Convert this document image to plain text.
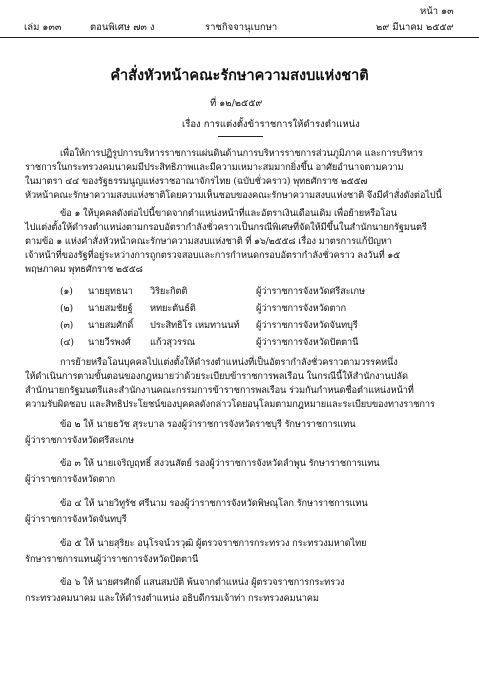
หน้า ๑๓
เล่ม ๑๓๓	ตอนพิเศษ ๗๓ ง	ราชกิจจานุเบกษา	๒๙ มีนาคม ๒๕๕๙
คำสั่งหัวหน้าคณะรักษาความสงบแห่งชาติ
ที่ ๑๒/๒๕๕๙
เรื่อง การแต่งตั้งข้าราชการให้ดำรงตำแหน่ง
เพื่อให้การปฏิรูปการบริหารราชการแผ่นดินด้านการบริหารราชการส่วนภูมิภาค และการบริหาร
ราชการในกระทรวงคมนาคมมีประสิทธิภาพและมีความเหมาะสมมากยิ่งขึ้น อาศัยอำนาจตามความ
ในมาตรา ๔๔ ของรัฐธรรมนูญแห่งราชอาณาจักรไทย (ฉบับชั่วคราว) พุทธศักราช ๒๕๕๗
หัวหน้าคณะรักษาความสงบแห่งชาติโดยความเห็นชอบของคณะรักษาความสงบแห่งชาติ จึงมีคำสั่งดังต่อไปนี้
ข้อ ๑ ให้บุคคลดังต่อไปนี้ขาดจากตำแหน่งหน้าที่และอัตราเงินเดือนเดิม เพื่อย้ายหรือโอน
ไปแต่งตั้งให้ดำรงตำแหน่งตามกรอบอัตรากำลังชั่วคราวเป็นกรณีพิเศษที่จัดให้มีขึ้นในสำนักนายกรัฐมนตรี
ตามข้อ ๑ แห่งคำสั่งหัวหน้าคณะรักษาความสงบแห่งชาติ ที่ ๑๖/๒๕๕๘ เรื่อง มาตรการแก้ปัญหา
เจ้าหน้าที่ของรัฐที่อยู่ระหว่างการถูกตรวจสอบและการกำหนดกรอบอัตรากำลังชั่วคราว ลงวันที่ ๑๕
พฤษภาคม พุทธศักราช ๒๕๕๘
(๑) นายยุทธนา วิริยะกิตติ	ผู้ว่าราชการจังหวัดศรีสะเกษ
(๒) นายสมชัยฐ์ หทยะตันธ์ติ	ผู้ว่าราชการจังหวัดตาก
(๓) นายสมศักดิ์ ประสิทธิโร เหมทานนท์ ผู้ว่าราชการจังหวัดจันทบุรี
(๔) นายวีรพงศ์ แก้วสุวรรณ	ผู้ว่าราชการจังหวัดปัตตานี
การย้ายหรือโอนบุคคลไปแต่งตั้งให้ดำรงตำแหน่งที่เป็นอัตรากำลังชั่วคราวตามวรรคหนึ่ง
ให้ดำเนินการตามขั้นตอนของกฎหมายว่าด้วยระเบียบข้าราชการพลเรือน ในกรณีนี้ให้สำนักงานปลัด
สำนักนายกรัฐมนตรีและสำนักงานคณะกรรมการข้าราชการพลเรือน ร่วมกันกำหนดชื่อตำแหน่งหน้าที่
ความรับผิดชอบ และสิทธิประโยชน์ของบุคคลดังกล่าวโดยอนุโลมตามกฎหมายและระเบียบของทางราชการ
ข้อ ๒ ให้ นายธวัช สุระบาล รองผู้ว่าราชการจังหวัดราชบุรี รักษาราชการแทน
ผู้ว่าราชการจังหวัดศรีสะเกษ
ข้อ ๓ ให้ นายเจริญฤทธิ์ สงวนสัตย์ รองผู้ว่าราชการจังหวัดลำพูน รักษาราชการแทน
ผู้ว่าราชการจังหวัดตาก
ข้อ ๔ ให้ นายวิทูรัช ศรีนาม รองผู้ว่าราชการจังหวัดพิษณุโลก รักษาราชการแทน
ผู้ว่าราชการจังหวัดจันทบุรี
ข้อ ๕ ให้ นายสุริยะ อนุโรจน์วรวุฒิ ผู้ตรวจราชการกระทรวง กระทรวงมหาดไทย
รักษาราชการแทนผู้ว่าราชการจังหวัดปัตตานี
ข้อ ๖ ให้ นายศรศักดิ์ แสนสมบัติ พ้นจากตำแหน่ง ผู้ตรวจราชการกระทรวง
กระทรวงคมนาคม และให้ดำรงตำแหน่ง อธิบดีกรมเจ้าท่า กระทรวงคมนาคม
